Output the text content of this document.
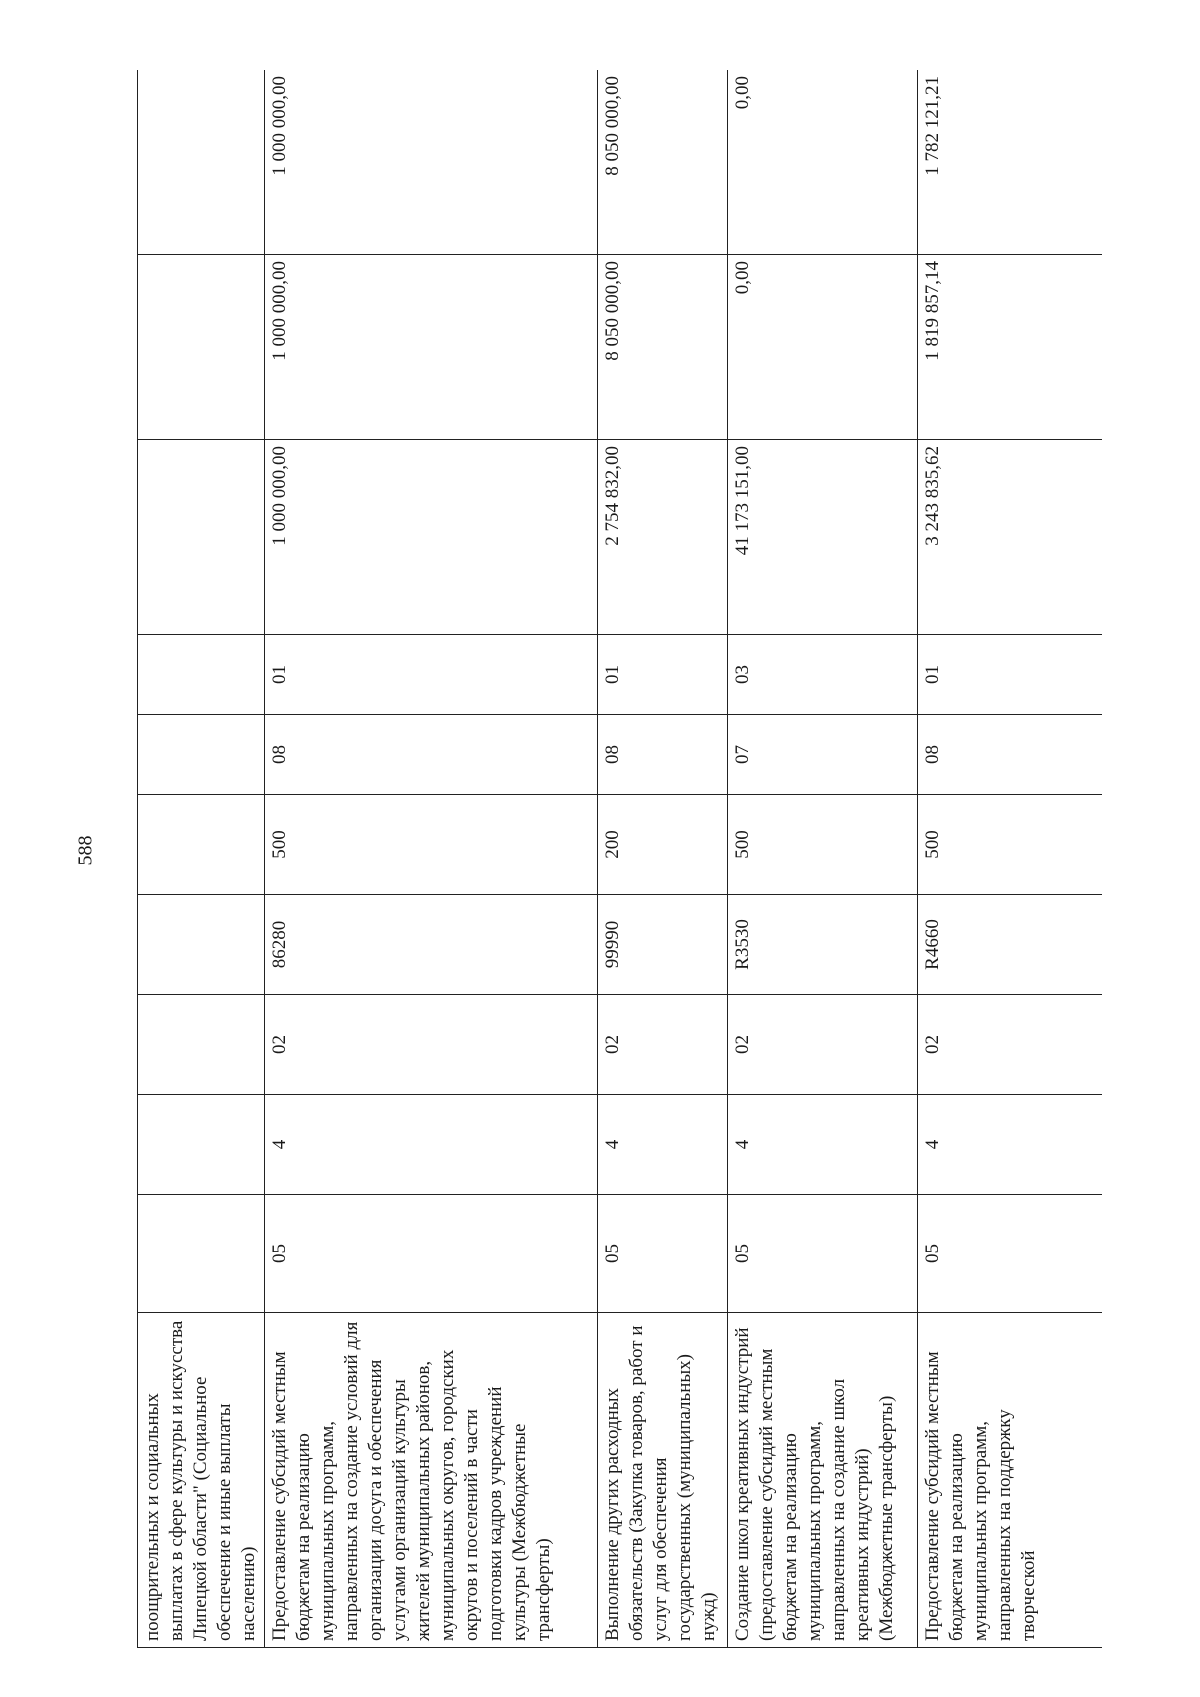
588
поощрительных и социальных выплатах в сфере культуры и искусства Липецкой области" (Социальное обеспечение и иные выплаты населению)										
Предоставление субсидий местным бюджетам на реализацию муниципальных программ, направленных на создание условий для организации досуга и обеспечения услугами организаций культуры жителей муниципальных районов, муниципальных округов, городских округов и поселений в части подготовки кадров учреждений культуры (Межбюджетные трансферты)	05	4	02	86280	500	08	01	1 000 000,00	1 000 000,00	1 000 000,00
Выполнение других расходных обязательств (Закупка товаров, работ и услуг для обеспечения государственных (муниципальных) нужд)	05	4	02	99990	200	08	01	2 754 832,00	8 050 000,00	8 050 000,00
Создание школ креативных индустрий (предоставление субсидий местным бюджетам на реализацию муниципальных программ, направленных на создание школ креативных индустрий) (Межбюджетные трансферты)	05	4	02	R3530	500	07	03	41 173 151,00	0,00	0,00
Предоставление субсидий местным бюджетам на реализацию муниципальных программ, направленных на поддержку творческой	05	4	02	R4660	500	08	01	3 243 835,62	1 819 857,14	1 782 121,21
